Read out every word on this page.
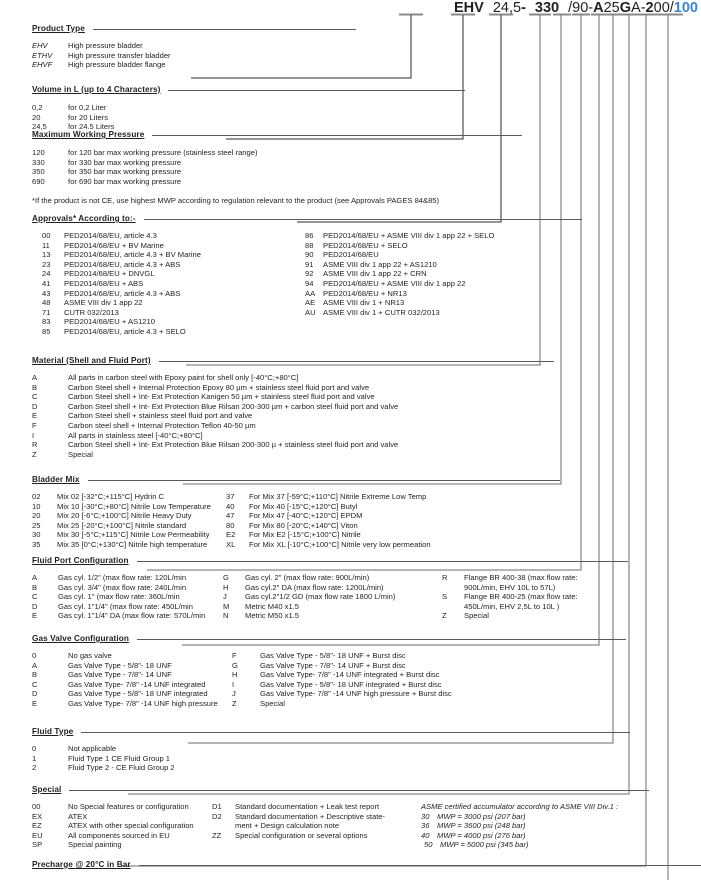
EHV 24,5- 330 /90-A25GA-200/100
Product Type
EHV	High pressure bladder
ETHV	High pressure transfer bladder
EHVF	High pressure bladder flange
Volume in L (up to 4 Characters)
0,2	for 0,2 Liter
20	for 20 Liters
24,5	for 24.5 Liters
Maximum Working Pressure
120	for 120 bar max working pressure (stainless steel range)
330	for 330 bar max working pressure
350	for 350 bar max working pressure
690	for 690 bar max working pressure
*If the product is not CE, use highest MWP according to regulation relevant to the product (see Approvals PAGES 84&85)
Approvals* According to:-
00	PED2014/68/EU, article 4.3
11	PED2014/68/EU + BV Marine
13	PED2014/68/EU, article 4.3 + BV Marine
23	PED2014/68/EU, article 4.3 + ABS
24	PED2014/68/EU + DNVGL
41	PED2014/68/EU + ABS
43	PED2014/68/EU, article 4.3 + ABS
48	ASME VIII div 1 app 22
71	CUTR 032/2013
83	PED2014/68/EU + AS1210
85	PED2014/68/EU, article 4.3 + SELO
86	PED2014/68/EU + ASME VIII div 1 app 22 + SELO
88	PED2014/68/EU + SELO
90	PED2014/68/EU
91	ASME VIII div 1 app 22 + AS1210
92	ASME VIII div 1 app 22 + CRN
94	PED2014/68/EU + ASME VIII div 1 app 22
AA	PED2014/68/EU + NR13
AE	ASME VIII div 1 + NR13
AU ASME VIII div 1 + CUTR 032/2013
Material (Shell and Fluid Port)
A	All parts in carbon steel with Epoxy paint for shell only [-40°C;+80°C]
B	Carbon Steel shell + Internal Protection Epoxy 80 µm + stainless steel fluid port and valve
C	Carbon Steel shell + Int- Ext Protection Kanigen 50 µm + stainless steel fluid port and valve
D	Carbon Steel shell + Int- Ext Protection Blue Rilsan 200-300 µm + carbon steel fluid port and valve
E	Carbon Steel shell + stainless steel fluid port and valve
F	Carbon steel shell + Internal Protection Teflon 40-50 µm
I	All parts in stainless steel [-40°C;+80°C]
R	Carbon Steel shell + Int- Ext Protection Blue Rilsan 200-300 µ + stainless steel fluid port and valve
Z	Special
Bladder Mix
02	Mix 02 [-32°C;+115°C] Hydrin C
10	Mix 10 [-30°C;+80°C] Nitrile Low Temperature
20	Mix 20 [-6°C;+100°C] Nitrile Heavy Duty
25	Mix 25 [-20°C;+100°C] Nitrile standard
30	Mix 30 [-5°C;+115°C] Nitrile Low Permeability
35	Mix 35 [0°C;+130°C] Nitrile high temperature
37	For Mix 37 [-59°C;+110°C] Nitrile Extreme Low Temp
40	For Mix 40 [-15°C;+120°C] Butyl
47	For Mix 47 [-40°C;+120°C] EPDM
80	For Mix 80 [-20°C;+140°C] Viton
E2	For Mix E2 [-15°C;+100°C] Nitrile
XL	For Mix XL [-10°C;+100°C] Nitrile very low permeation
Fluid Port Configuration
A	Gas cyl. 1/2" (max flow rate: 120L/min
B	Gas cyl. 3/4" (max flow rate: 240L/min
C	Gas cyl. 1" (max flow rate: 360L/min
D	Gas cyl. 1"1/4" (max flow rate: 450L/min
E	Gas cyl. 1"1/4" DA (max flow rate: 570L/min
G	Gas cyl. 2" (max flow rate: 900L/min)
H	Gas cyl.2" DA (max flow rate: 1200L/min)
J	Gas cyl.2"1/2 GD (max flow rate 1800 L/min)
M	Metric M40 x1.5
N	Metric M50 x1.5
R	Flange BR 400-38 (max flow rate: 900L/min, EHV 10L to 57L)
S	Flange BR 400-25 (max flow rate: 450L/min, EHV 2,5L to 10L )
Z	Special
Gas Valve Configuration
0	No gas valve
A	Gas Valve Type - 5/8"- 18 UNF
B	Gas Valve Type - 7/8"- 14 UNF
C	Gas Valve Type- 7/8" -14 UNF integrated
D	Gas Valve Type - 5/8"- 18 UNF integrated
E	Gas Valve Type- 7/8" -14 UNF high pressure
F	Gas Valve Type - 5/8"- 18 UNF + Burst disc
G	Gas Valve Type - 7/8"- 14 UNF + Burst disc
H	Gas Valve Type- 7/8" -14 UNF integrated + Burst disc
I	Gas Valve Type - 5/8"- 18 UNF integrated + Burst disc
J	Gas Valve Type- 7/8" -14 UNF high pressure + Burst disc
Z	Special
Fluid Type
0	Not applicable
1	Fluid Type 1 CE Fluid Group 1
2	Fluid Type 2 - CE Fluid Group 2
Special
00	No Special features or configuration
EX	ATEX
EZ	ATEX with other special configuration
EU	All components sourced in EU
SP	Special painting
D1	Standard documentation + Leak test report
D2	Standard documentation + Descriptive state-
ment + Design calculation note
ZZ	Special configuration or several options
ASME certified accumulator according to ASME VIII Div.1 :
30 MWP = 3000 psi (207 bar)
36 MWP = 3600 psi (248 bar)
40 MWP = 4000 psi (276 bar)
50 MWP = 5000 psi (345 bar)
Precharge @ 20°C in Bar
